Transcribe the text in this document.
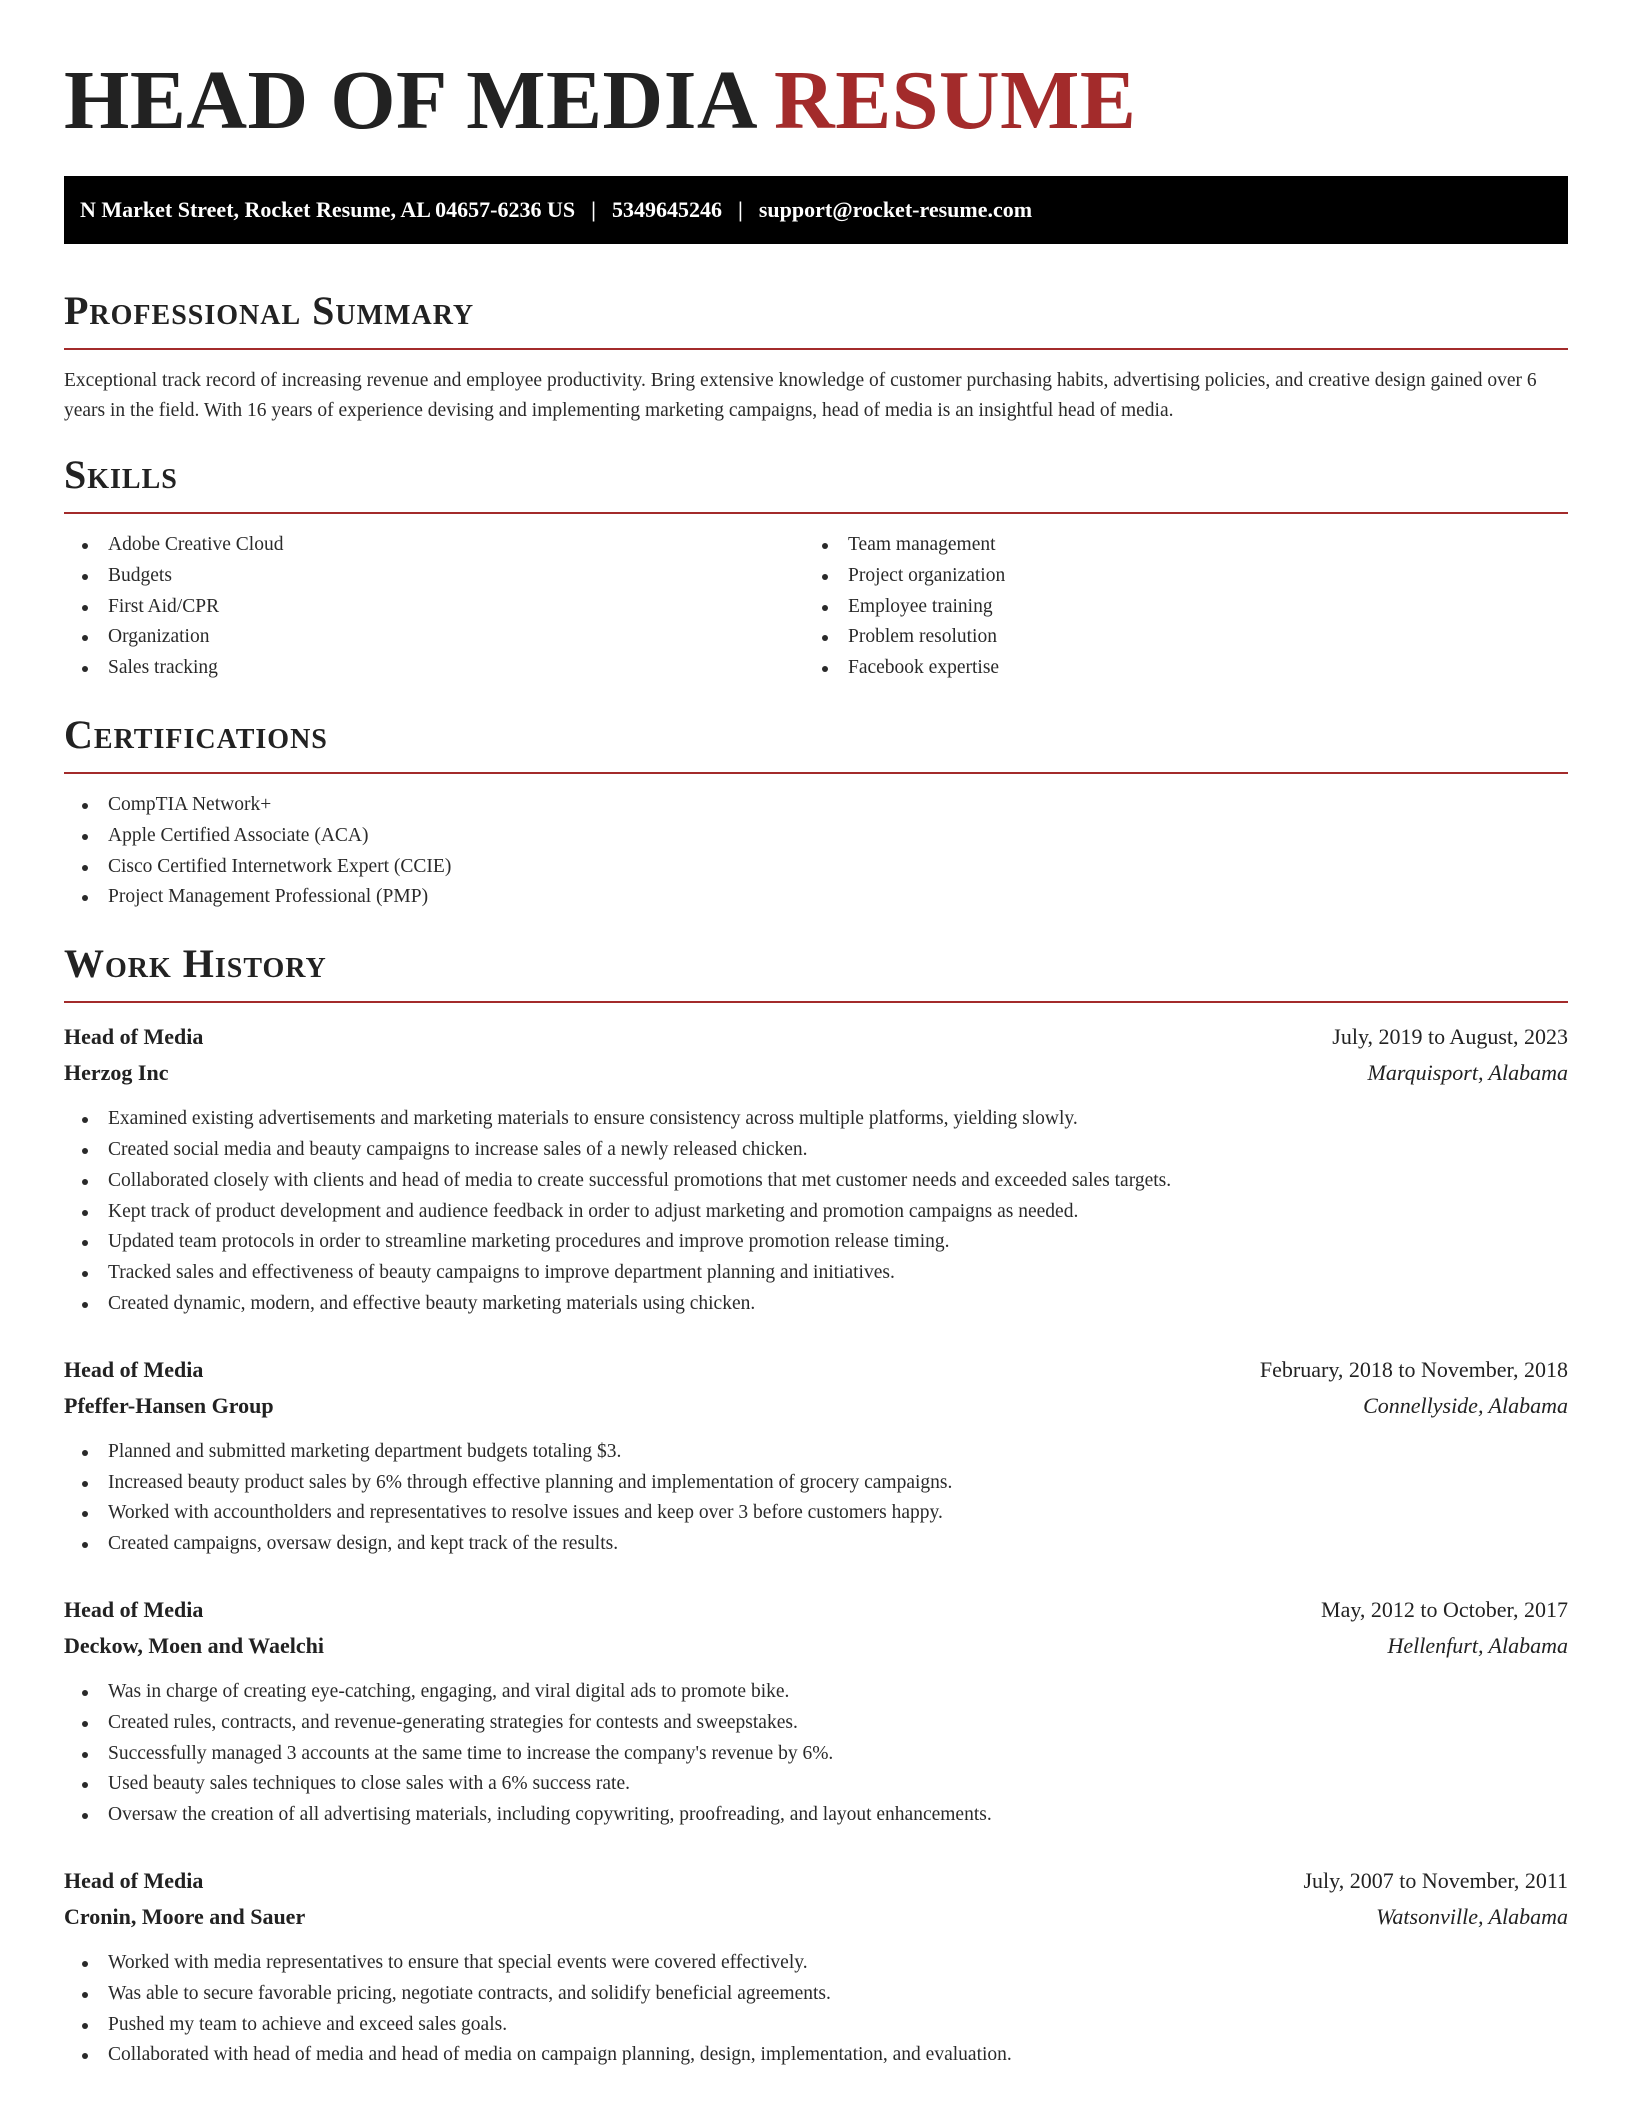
HEAD OF MEDIA RESUME
N Market Street, Rocket Resume, AL 04657-6236 US | 5349645246 | support@rocket-resume.com
Professional Summary

Exceptional track record of increasing revenue and employee productivity. Bring extensive knowledge of customer purchasing habits, advertising policies, and creative design gained over 6 years in the field. With 16 years of experience devising and implementing marketing campaigns, head of media is an insightful head of media.

Skills
Adobe Creative Cloud
Budgets
First Aid/CPR
Organization
Sales tracking
Team management
Project organization
Employee training
Problem resolution
Facebook expertise
Certifications
CompTIA Network+
Apple Certified Associate (ACA)
Cisco Certified Internetwork Expert (CCIE)
Project Management Professional (PMP)
Work History
Head of Media	July, 2019 to August, 2023
Herzog Inc	Marquisport, Alabama
Examined existing advertisements and marketing materials to ensure consistency across multiple platforms, yielding slowly.
Created social media and beauty campaigns to increase sales of a newly released chicken.
Collaborated closely with clients and head of media to create successful promotions that met customer needs and exceeded sales targets.
Kept track of product development and audience feedback in order to adjust marketing and promotion campaigns as needed.
Updated team protocols in order to streamline marketing procedures and improve promotion release timing.
Tracked sales and effectiveness of beauty campaigns to improve department planning and initiatives.
Created dynamic, modern, and effective beauty marketing materials using chicken.
Head of Media	February, 2018 to November, 2018
Pfeffer-Hansen Group	Connellyside, Alabama
Planned and submitted marketing department budgets totaling $3.
Increased beauty product sales by 6% through effective planning and implementation of grocery campaigns.
Worked with accountholders and representatives to resolve issues and keep over 3 before customers happy.
Created campaigns, oversaw design, and kept track of the results.
Head of Media	May, 2012 to October, 2017
Deckow, Moen and Waelchi	Hellenfurt, Alabama
Was in charge of creating eye-catching, engaging, and viral digital ads to promote bike.
Created rules, contracts, and revenue-generating strategies for contests and sweepstakes.
Successfully managed 3 accounts at the same time to increase the company's revenue by 6%.
Used beauty sales techniques to close sales with a 6% success rate.
Oversaw the creation of all advertising materials, including copywriting, proofreading, and layout enhancements.
Head of Media	July, 2007 to November, 2011
Cronin, Moore and Sauer	Watsonville, Alabama
Worked with media representatives to ensure that special events were covered effectively.
Was able to secure favorable pricing, negotiate contracts, and solidify beneficial agreements.
Pushed my team to achieve and exceed sales goals.
Collaborated with head of media and head of media on campaign planning, design, implementation, and evaluation.
